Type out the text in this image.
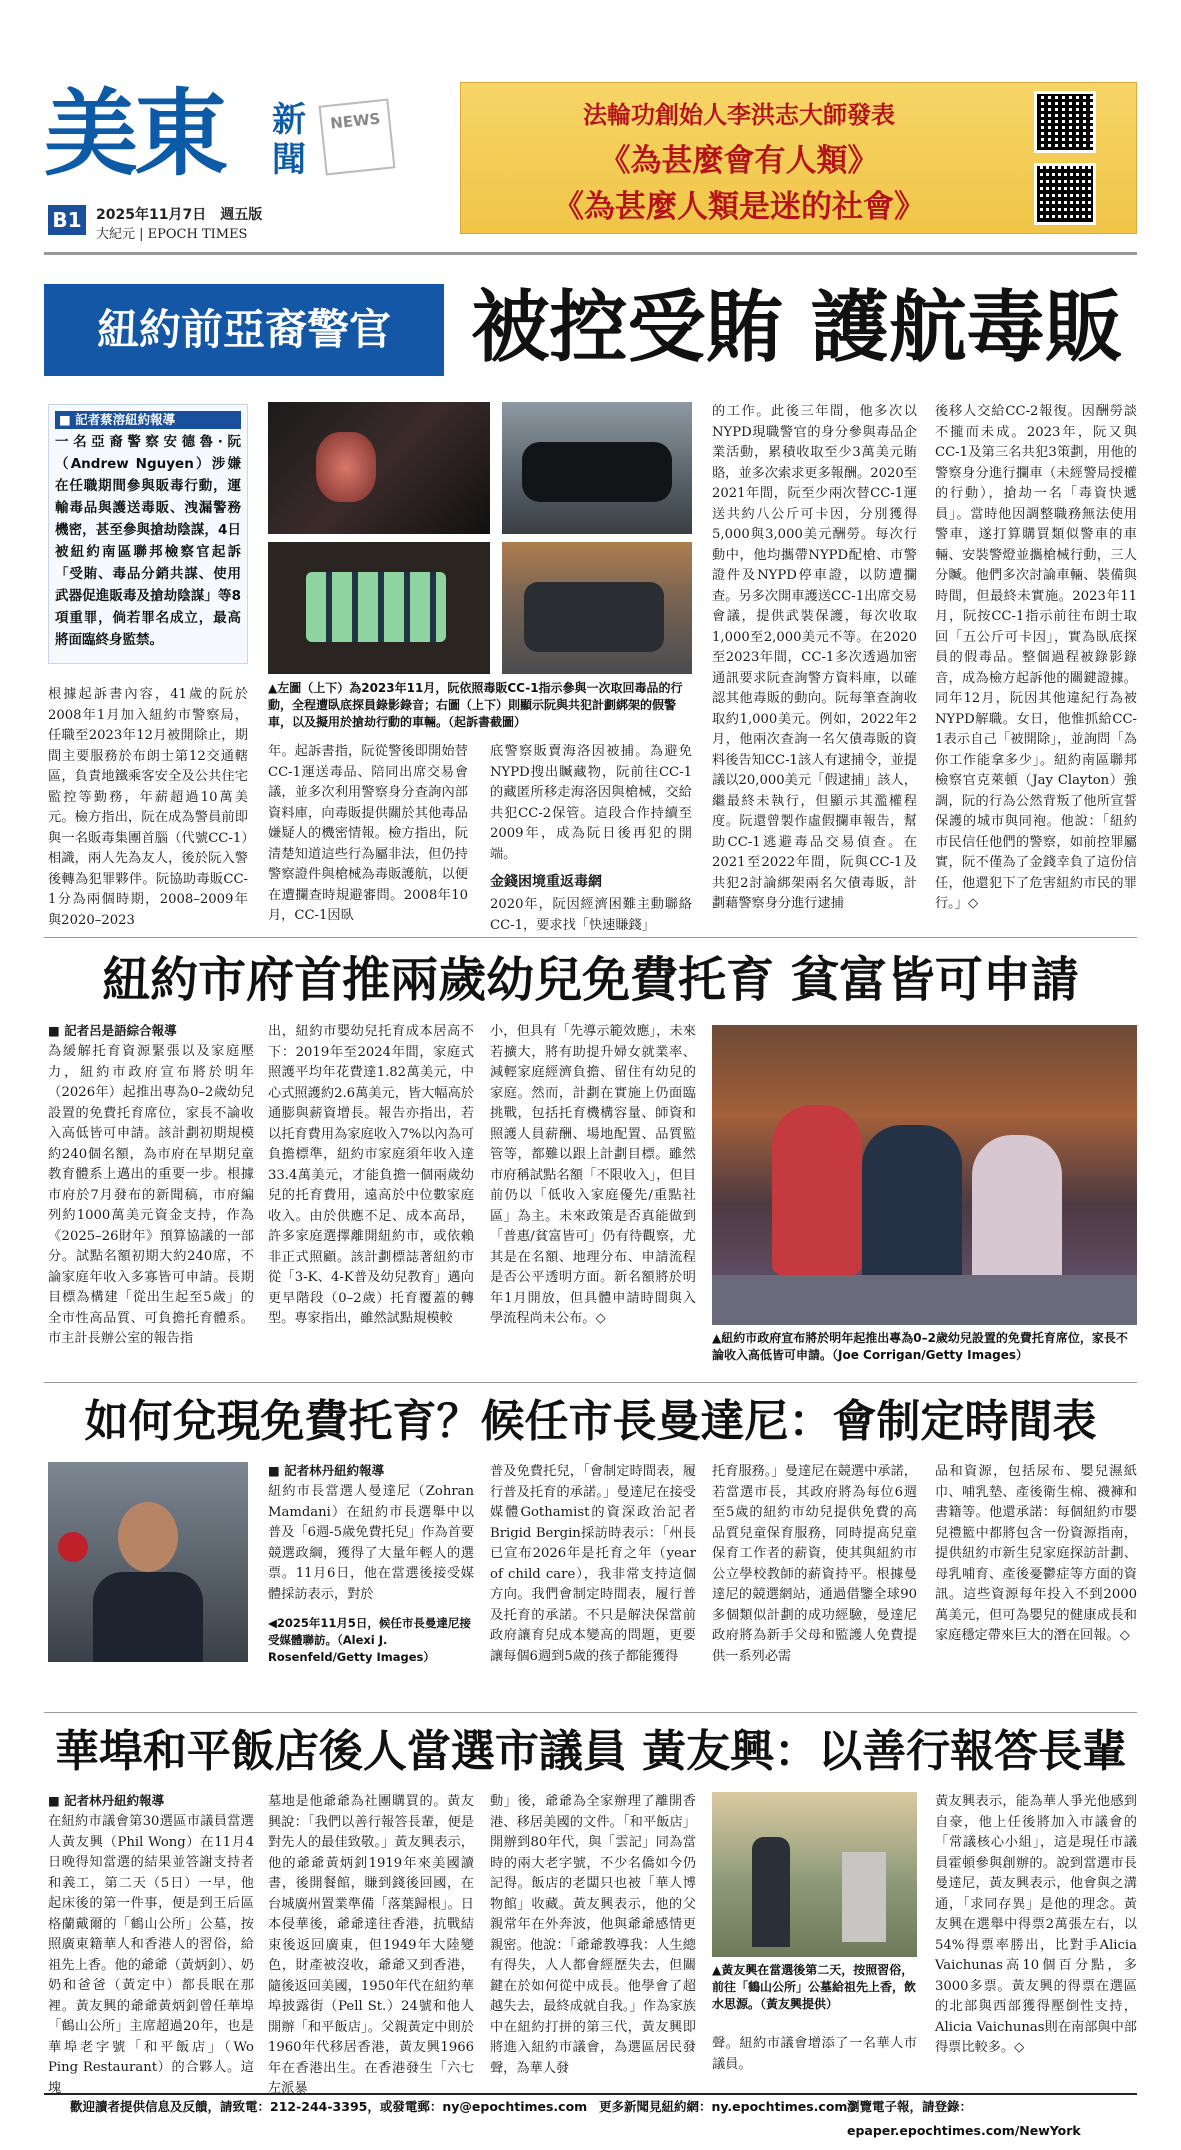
美東 新聞
NEWS
B1	2025年11月7日　週五版
大紀元 | EPOCH TIMES
法輪功創始人李洪志大師發表
《為甚麼會有人類》
《為甚麼人類是迷的社會》
紐約前亞裔警官	被控受賄 護航毒販
■ 記者蔡溶紐約報導
一名亞裔警察安德魯·阮（Andrew Nguyen）涉嫌在任職期間參與販毒行動，運輸毒品與護送毒販、洩漏警務機密，甚至參與搶劫陰謀，4日被紐約南區聯邦檢察官起訴「受賄、毒品分銷共謀、使用武器促進販毒及搶劫陰謀」等8項重罪，倘若罪名成立，最高將面臨終身監禁。
根據起訴書內容，41歲的阮於2008年1月加入紐約市警察局，任職至2023年12月被開除止，期間主要服務於布朗士第12交通轄區，負責地鐵乘客安全及公共住宅監控等勤務，年薪超過10萬美元。檢方指出，阮在成為警員前即與一名販毒集團首腦（代號CC-1）相識，兩人先為友人，後於阮入警後轉為犯罪夥伴。阮協助毒販CC-1分為兩個時期，2008–2009年與2020–2023
▲左圖（上下）為2023年11月，阮依照毒販CC-1指示參與一次取回毒品的行動，全程遭臥底探員錄影錄音；右圖（上下）則顯示阮與共犯計劃綁架的假警車，以及擬用於搶劫行動的車輛。（起訴書截圖）
年。起訴書指，阮從警後即開始替CC-1運送毒品、陪同出席交易會議，並多次利用警察身分查詢內部資料庫，向毒販提供關於其他毒品嫌疑人的機密情報。檢方指出，阮清楚知道這些行為屬非法，但仍持警察證件與槍械為毒販護航，以便在遭攔查時規避審問。2008年10月，CC-1因臥
底警察販賣海洛因被捕。為避免NYPD搜出贓藏物，阮前往CC-1的藏匿所移走海洛因與槍械，交給共犯CC-2保管。這段合作持續至2009年，成為阮日後再犯的開端。
金錢困境重返毒網
2020年，阮因經濟困難主動聯絡CC-1，要求找「快速賺錢」
的工作。此後三年間，他多次以NYPD現職警官的身分參與毒品企業活動，累積收取至少3萬美元賄賂，並多次索求更多報酬。2020至2021年間，阮至少兩次替CC-1運送共約八公斤可卡因，分別獲得5,000與3,000美元酬勞。每次行動中，他均攜帶NYPD配槍、市警證件及NYPD停車證，以防遭攔查。另多次開車護送CC-1出席交易會議，提供武裝保護，每次收取1,000至2,000美元不等。在2020至2023年間，CC-1多次透過加密通訊要求阮查詢警方資料庫，以確認其他毒販的動向。阮每筆查詢收取約1,000美元。例如，2022年2月，他兩次查詢一名欠債毒販的資料後告知CC-1該人有逮捕令，並提議以20,000美元「假逮捕」該人，繼最終未執行，但顯示其濫權程度。阮還曾製作虛假攔車報告，幫助CC-1逃避毒品交易偵查。在2021至2022年間，阮與CC-1及共犯2討論綁架兩名欠債毒販，計劃藉警察身分進行逮捕
後移人交給CC-2報復。因酬勞談不攏而未成。2023年，阮又與CC-1及第三名共犯3策劃，用他的警察身分進行攔車（未經警局授權的行動），搶劫一名「毒資快遞員」。當時他因調整職務無法使用警車，遂打算購買類似警車的車輛、安裝警燈並攜槍械行動，三人分贓。他們多次討論車輛、裝備與時間，但最終未實施。2023年11月，阮按CC-1指示前往布朗士取回「五公斤可卡因」，實為臥底探員的假毒品。整個過程被錄影錄音，成為檢方起訴他的關鍵證據。同年12月，阮因其他違紀行為被NYPD解職。女日，他惟抓給CC-1表示自己「被開除」，並詢問「為你工作能拿多少」。紐約南區聯邦檢察官克萊頓（Jay Clayton）強調，阮的行為公然背叛了他所宣誓保護的城市與同袍。他說：「紐約市民信任他們的警察，如前控罪屬實，阮不僅為了金錢幸負了這份信任，他還犯下了危害紐約市民的罪行。」◇
紐約市府首推兩歲幼兒免費托育 貧富皆可申請
■ 記者呂是語綜合報導
為緩解托育資源緊張以及家庭壓力，紐約市政府宣布將於明年（2026年）起推出專為0–2歲幼兒設置的免費托育席位，家長不論收入高低皆可申請。該計劃初期規模約240個名額，為市府在早期兒童教育體系上邁出的重要一步。根據市府於7月發布的新聞稿，市府編列約1000萬美元資金支持，作為《2025–26財年》預算協議的一部分。試點名額初期大約240席，不論家庭年收入多寡皆可申請。長期目標為構建「從出生起至5歲」的全市性高品質、可負擔托育體系。市主計長辦公室的報告指
出，紐約市嬰幼兒托育成本居高不下：2019年至2024年間，家庭式照護平均年花費達1.82萬美元，中心式照護約2.6萬美元，皆大幅高於通膨與薪資增長。報告亦指出，若以托育費用為家庭收入7%以內為可負擔標準，紐約市家庭須年收入達33.4萬美元，才能負擔一個兩歲幼兒的托育費用，遠高於中位數家庭收入。由於供應不足、成本高昂，許多家庭選擇離開紐約市，或依賴非正式照顧。該計劃標誌著紐約市從「3-K、4-K普及幼兒教育」邁向更早階段（0–2歲）托育覆蓋的轉型。專家指出，雖然試點規模較
小，但具有「先導示範效應」，未來若擴大，將有助提升婦女就業率、減輕家庭經濟負擔、留住有幼兒的家庭。然而，計劃在實施上仍面臨挑戰，包括托育機構容量、師資和照護人員薪酬、場地配置、品質監管等，都難以跟上計劃目標。雖然市府稱試點名額「不限收入」，但目前仍以「低收入家庭優先/重點社區」為主。未來政策是否真能做到「普惠/貧富皆可」仍有待觀察，尤其是在名額、地理分布、申請流程是否公平透明方面。新名額將於明年1月開放，但具體申請時間與入學流程尚未公布。◇
▲紐約市政府宣布將於明年起推出專為0–2歲幼兒設置的免費托育席位，家長不論收入高低皆可申請。（Joe Corrigan/Getty Images）
如何兌現免費托育？候任市長曼達尼：會制定時間表
■ 記者林丹紐約報導
紐約市長當選人曼達尼（Zohran Mamdani）在紐約市長選舉中以普及「6週-5歲免費托兒」作為首要競選政綱，獲得了大量年輕人的選票。11月6日，他在當選後接受媒體採訪表示，對於
◀2025年11月5日，候任市長曼達尼接受媒體聯訪。（Alexi J. Rosenfeld/Getty Images）
普及免費托兒，「會制定時間表，履行普及托育的承諾。」曼達尼在接受媒體Gothamist的資深政治記者Brigid Bergin採訪時表示：「州長已宣布2026年是托育之年（year of child care），我非常支持這個方向。我們會制定時間表，履行普及托育的承諾。不只是解決保當前政府讓育兒成本變高的問題，更要讓每個6週到5歲的孩子都能獲得
托育服務。」曼達尼在競選中承諾，若當選市長，其政府將為每位6週至5歲的紐約市幼兒提供免費的高品質兒童保育服務，同時提高兒童保育工作者的薪資，使其與紐約市公立學校教師的薪資持平。根據曼達尼的競選網站，通過借鑒全球90多個類似計劃的成功經驗，曼達尼政府將為新手父母和監護人免費提供一系列必需
品和資源，包括尿布、嬰兒濕紙巾、哺乳墊、產後衛生棉、襪褲和書籍等。他還承諾：每個紐約市嬰兒禮籃中都將包含一份資源指南，提供紐約市新生兒家庭探訪計劃、母乳哺育、產後憂鬱症等方面的資訊。這些資源每年投入不到2000萬美元，但可為嬰兒的健康成長和家庭穩定帶來巨大的潛在回報。◇
華埠和平飯店後人當選市議員 黃友興：以善行報答長輩
■ 記者林丹紐約報導
在紐約市議會第30選區市議員當選人黃友興（Phil Wong）在11月4日晚得知當選的結果並答謝支持者和義工，第二天（5日）一早，他起床後的第一件事，便是到王后區格蘭戴爾的「鶴山公所」公墓，按照廣東籍華人和香港人的習俗，給祖先上香。他的爺爺（黃炳釗）、奶奶和爸爸（黃定中）都長眠在那裡。黃友興的爺爺黃炳釗曾任華埠「鶴山公所」主席超過20年，也是華埠老字號「和平飯店」（Wo Ping Restaurant）的合夥人。這塊
墓地是他爺爺為社團購買的。黃友興說：「我們以善行報答長輩，便是對先人的最佳致敬。」黃友興表示，他的爺爺黃炳釗1919年來美國讀書，後開餐館，賺到錢後回國，在台城廣州置業準備「落葉歸根」。日本侵華後，爺爺達往香港，抗戰結束後返回廣東，但1949年大陸變色，財產被沒收，爺爺又到香港，隨後返回美國，1950年代在紐約華埠披露街（Pell St.）24號和他人開辦「和平飯店」。父親黃定中則於1960年代移居香港，黃友興1966年在香港出生。在香港發生「六七左派暴
動」後，爺爺為全家辦理了離開香港、移居美國的文件。「和平飯店」開辦到80年代，與「雲記」同為當時的兩大老字號，不少名僑如今仍記得。飯店的老闆只也被「華人博物館」收藏。黃友興表示，他的父親常年在外奔波，他與爺爺感情更親密。他說：「爺爺教導我：人生總有得失，人人都會經歷失去，但關鍵在於如何從中成長。他學會了超越失去，最終成就自我。」作為家族中在紐約打拼的第三代，黃友興即將進入紐約市議會，為選區居民發聲，為華人發
▲黃友興在當選後第二天，按照習俗，前往「鶴山公所」公墓給祖先上香，飲水思源。（黃友興提供）
聲。紐約市議會增添了一名華人市議員。
黃友興表示，能為華人爭光他感到自豪，他上任後將加入市議會的「常議核心小組」，這是現任市議員霍頓參與創辦的。說到當選市長曼達尼，黃友興表示，他會與之溝通，「求同存異」是他的理念。黃友興在選舉中得票2萬張左右，以54%得票率勝出，比對手Alicia Vaichunas高10個百分點，多3000多票。黃友興的得票在選區的北部與西部獲得壓倒性支持，Alicia Vaichunas則在南部與中部得票比較多。◇
歡迎讀者提供信息及反饋，請致電：212-244-3395，或發電郵：ny@epochtimes.com 更多新聞見紐約網：ny.epochtimes.com 瀏覽電子報，請登錄：epaper.epochtimes.com/NewYork
